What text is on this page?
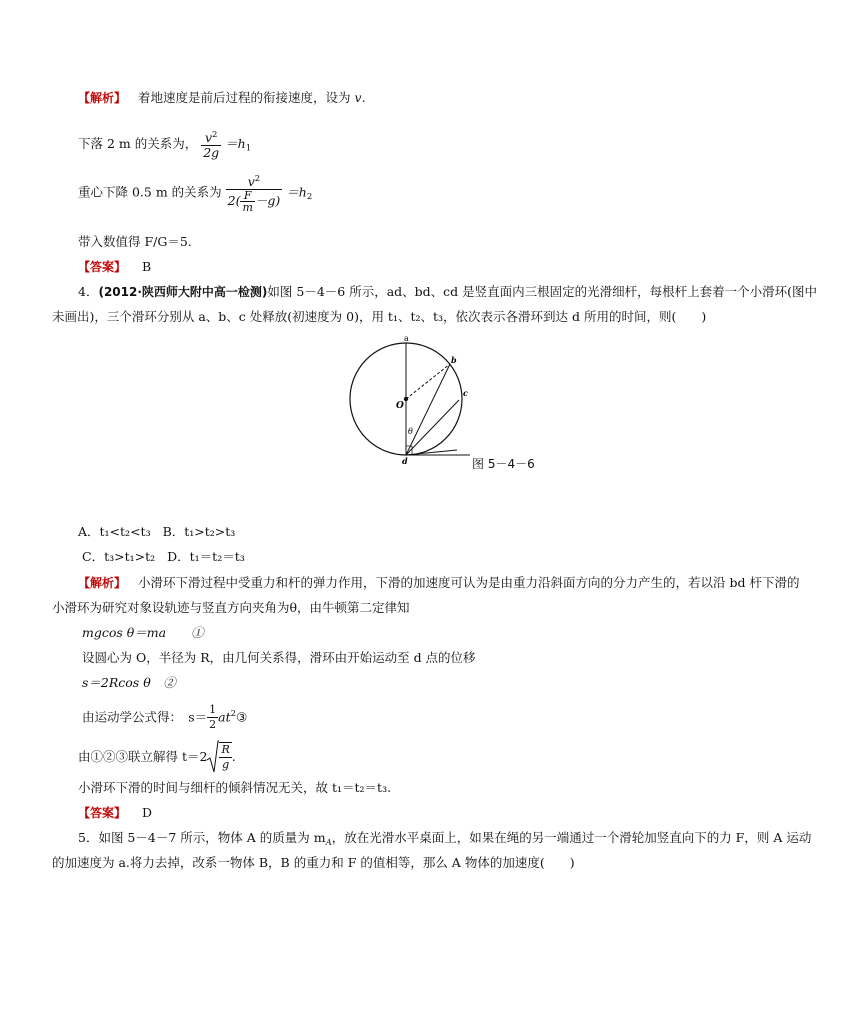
【解析】 着地速度是前后过程的衔接速度，设为 v.
下落 2 m 的关系为， $\frac{v^2}{2g} =h_1$
重心下降 0.5 m 的关系为 $\frac{v^2}{2( \frac{F}{m} -g)} =h_2$
带入数值得 F/G＝5.
【答案】 B
4．(2012·陕西师大附中高一检测)如图 5－4－6 所示，ad、bd、cd 是竖直面内三根固定的光滑细杆，每根杆上套着一个小滑环(图中
未画出)，三个滑环分别从 a、b、c 处释放(初速度为 0)，用 t₁、t₂、t₃，依次表示各滑环到达 d 所用的时间，则(　　)
a
b
c
d
O
θ
图 5－4－6
A．t₁<t₂<t₃ B．t₁>t₂>t₃
C．t₃>t₁>t₂ D．t₁＝t₂＝t₃
【解析】 小滑环下滑过程中受重力和杆的弹力作用，下滑的加速度可认为是由重力沿斜面方向的分力产生的，若以沿 bd 杆下滑的
小滑环为研究对象设轨迹与竖直方向夹角为θ，由牛顿第二定律知
mgcos θ＝ma　　①
设圆心为 O，半径为 R，由几何关系得，滑环由开始运动至 d 点的位移
s＝2Rcos θ　②
由运动学公式得：　$s= \frac{1}{2}$ $at^2③$
由①②③联立解得 $t=2 \frac{R}{g}$ .
小滑环下滑的时间与细杆的倾斜情况无关，故 t₁＝t₂＝t₃.
【答案】 D
5．如图 5－4－7 所示，物体 A 的质量为 $m_A$，放在光滑水平桌面上，如果在绳的另一端通过一个滑轮加竖直向下的力 F，则 A 运动
的加速度为 a.将力去掉，改系一物体 B，B 的重力和 F 的值相等，那么 A 物体的加速度(　　)
